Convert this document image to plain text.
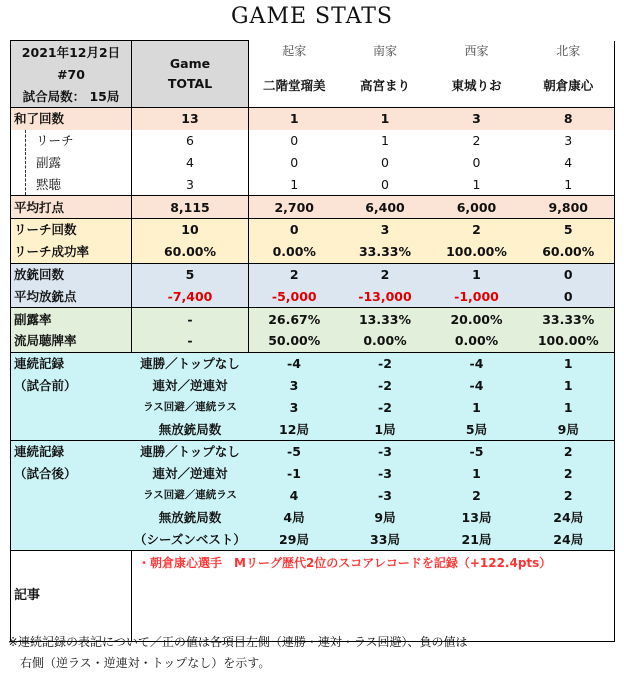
GAME STATS
2021年12月2日	Game
TOTAL	起家	南家	西家	北家
#70		二階堂瑠美	高宮まり	東城りお	朝倉康心
試合局数： 15局					
和了回数	13	1	1	3	8

リーチ	6	0	1	2	3

副露	4	0	0	0	4

黙聴	3	1	0	1	1
平均打点	8,115	2,700	6,400	6,000	9,800
リーチ回数	10	0	3	2	5
リーチ成功率	60.00%	0.00%	33.33%	100.00%	60.00%
放銃回数	5	2	2	1	0
平均放銃点	-7,400	-5,000	-13,000	-1,000	0
副露率	-	26.67%	13.33%	20.00%	33.33%
流局聴牌率	-	50.00%	0.00%	0.00%	100.00%
連続記録	連勝／トップなし	-4	-2	-4	1
（試合前）	連対／逆連対	3	-2	-4	1
	ラス回避／連続ラス	3	-2	1	1
	無放銃局数	12局	1局	5局	9局
連続記録	連勝／トップなし	-5	-3	-5	2
（試合後）	連対／逆連対	-1	-3	1	2
	ラス回避／連続ラス	4	-3	2	2
	無放銃局数	4局	9局	13局	24局
	（シーズンベスト）	29局	33局	21局	24局
記事	・朝倉康心選手　Mリーグ歴代2位のスコアレコードを記録（+122.4pts）				
※連続記録の表記について／正の値は各項目左側（連勝・連対・ラス回避）、負の値は
　右側（逆ラス・逆連対・トップなし）を示す。
